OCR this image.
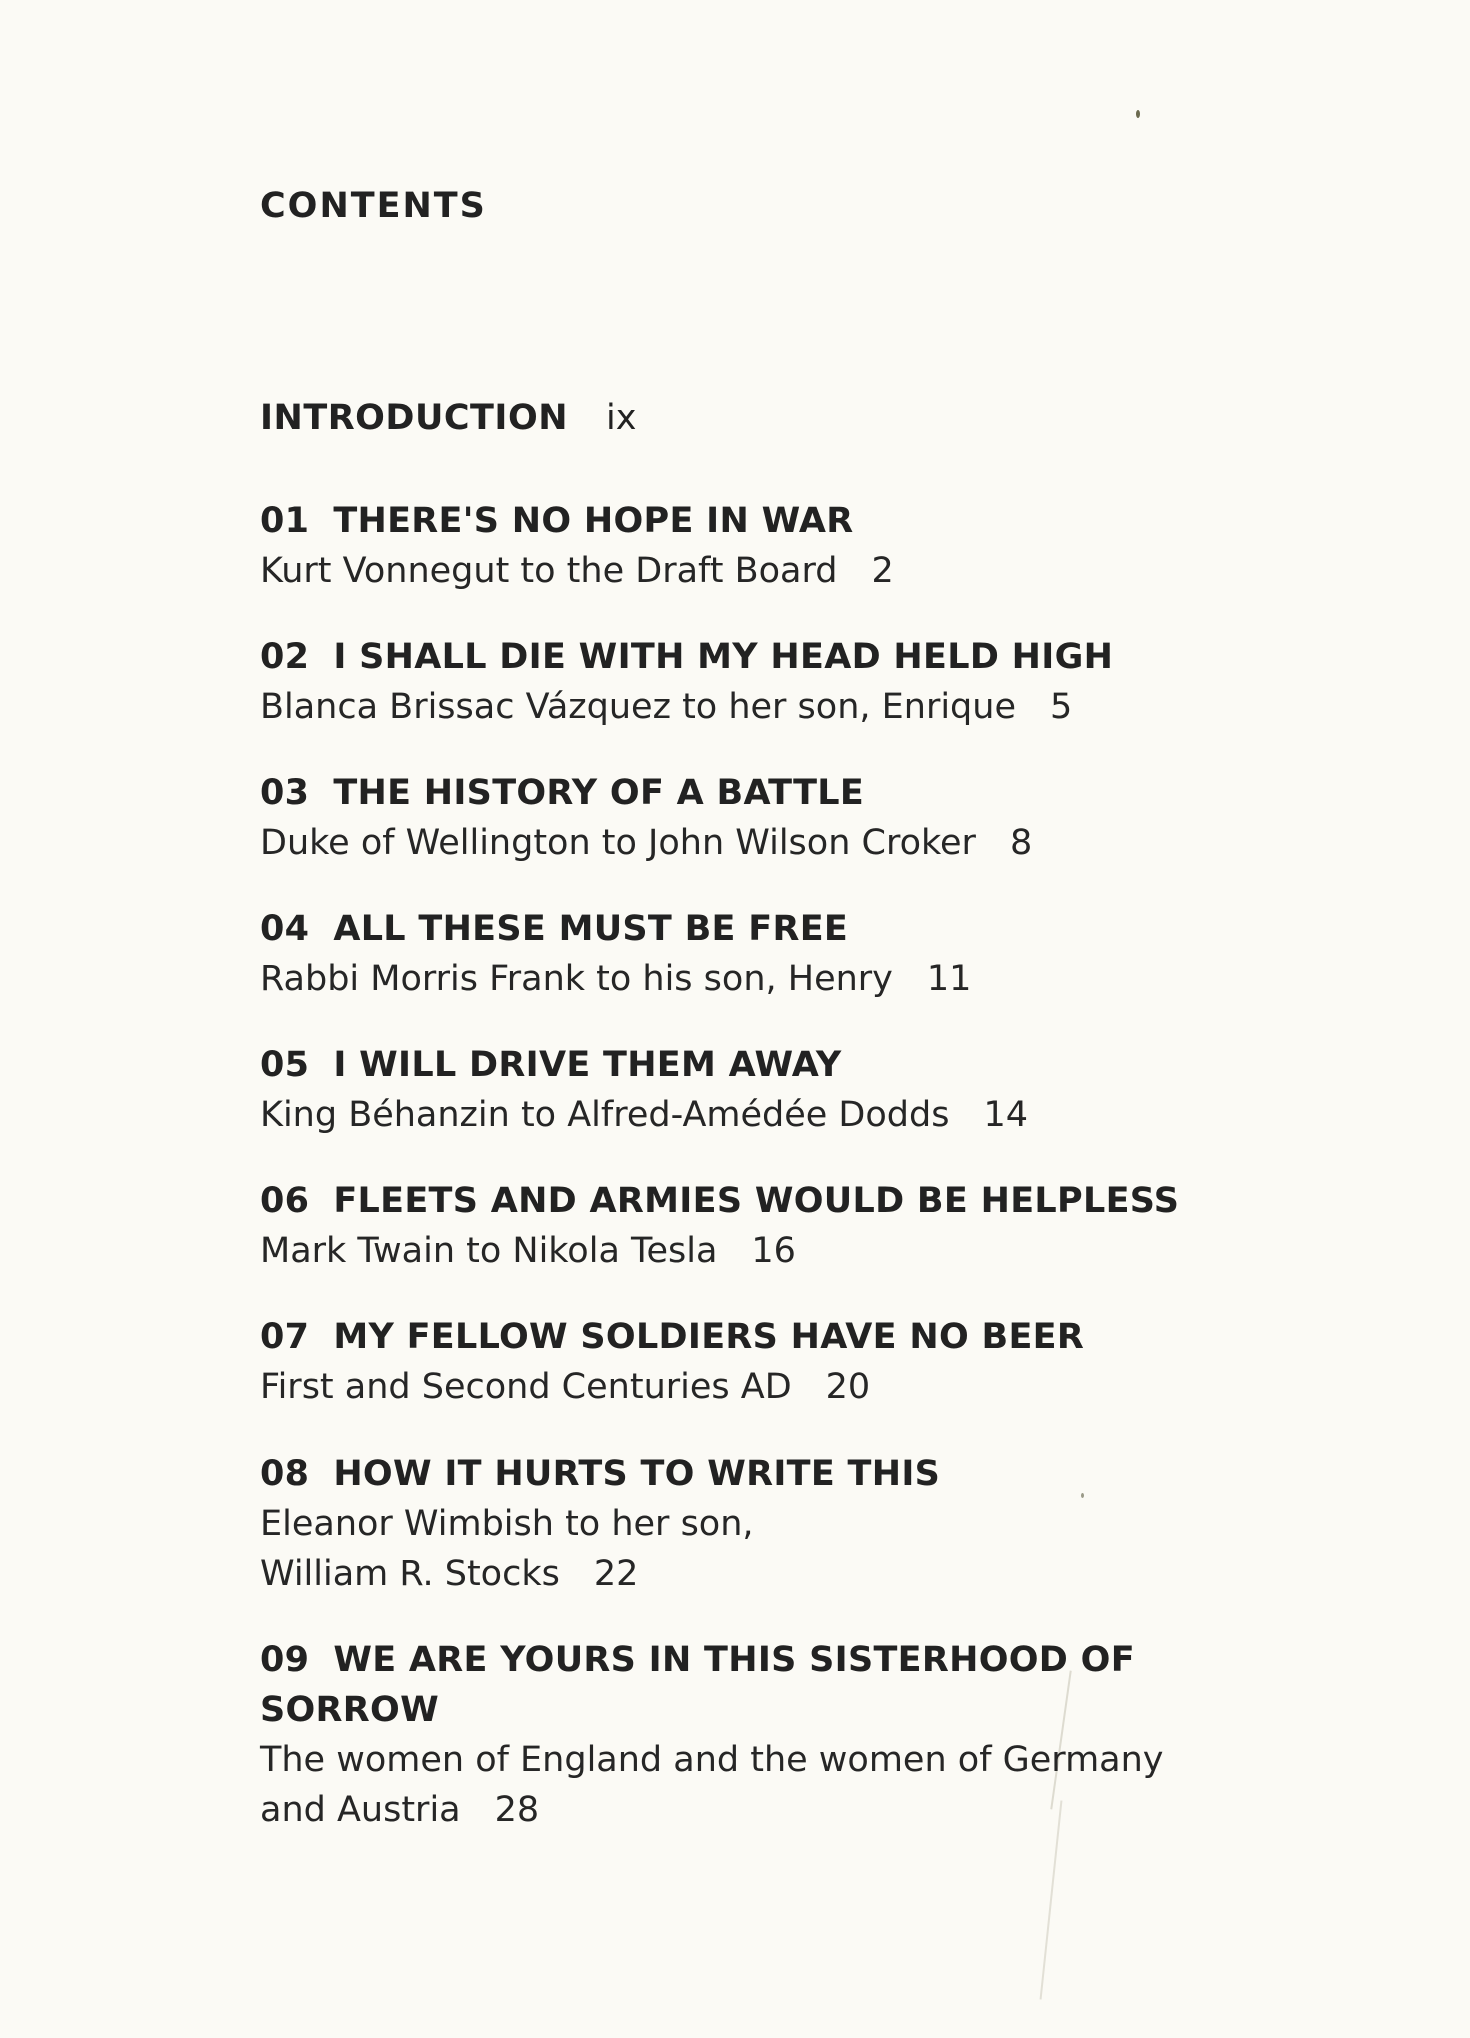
CONTENTS
INTRODUCTION ix
01 THERE'S NO HOPE IN WAR
Kurt Vonnegut to the Draft Board 2
02 I SHALL DIE WITH MY HEAD HELD HIGH
Blanca Brissac Vázquez to her son, Enrique 5
03 THE HISTORY OF A BATTLE
Duke of Wellington to John Wilson Croker 8
04 ALL THESE MUST BE FREE
Rabbi Morris Frank to his son, Henry 11
05 I WILL DRIVE THEM AWAY
King Béhanzin to Alfred-Amédée Dodds 14
06 FLEETS AND ARMIES WOULD BE HELPLESS
Mark Twain to Nikola Tesla 16
07 MY FELLOW SOLDIERS HAVE NO BEER
First and Second Centuries AD 20
08 HOW IT HURTS TO WRITE THIS
Eleanor Wimbish to her son,
William R. Stocks 22
09 WE ARE YOURS IN THIS SISTERHOOD OF
SORROW
The women of England and the women of Germany
and Austria 28
